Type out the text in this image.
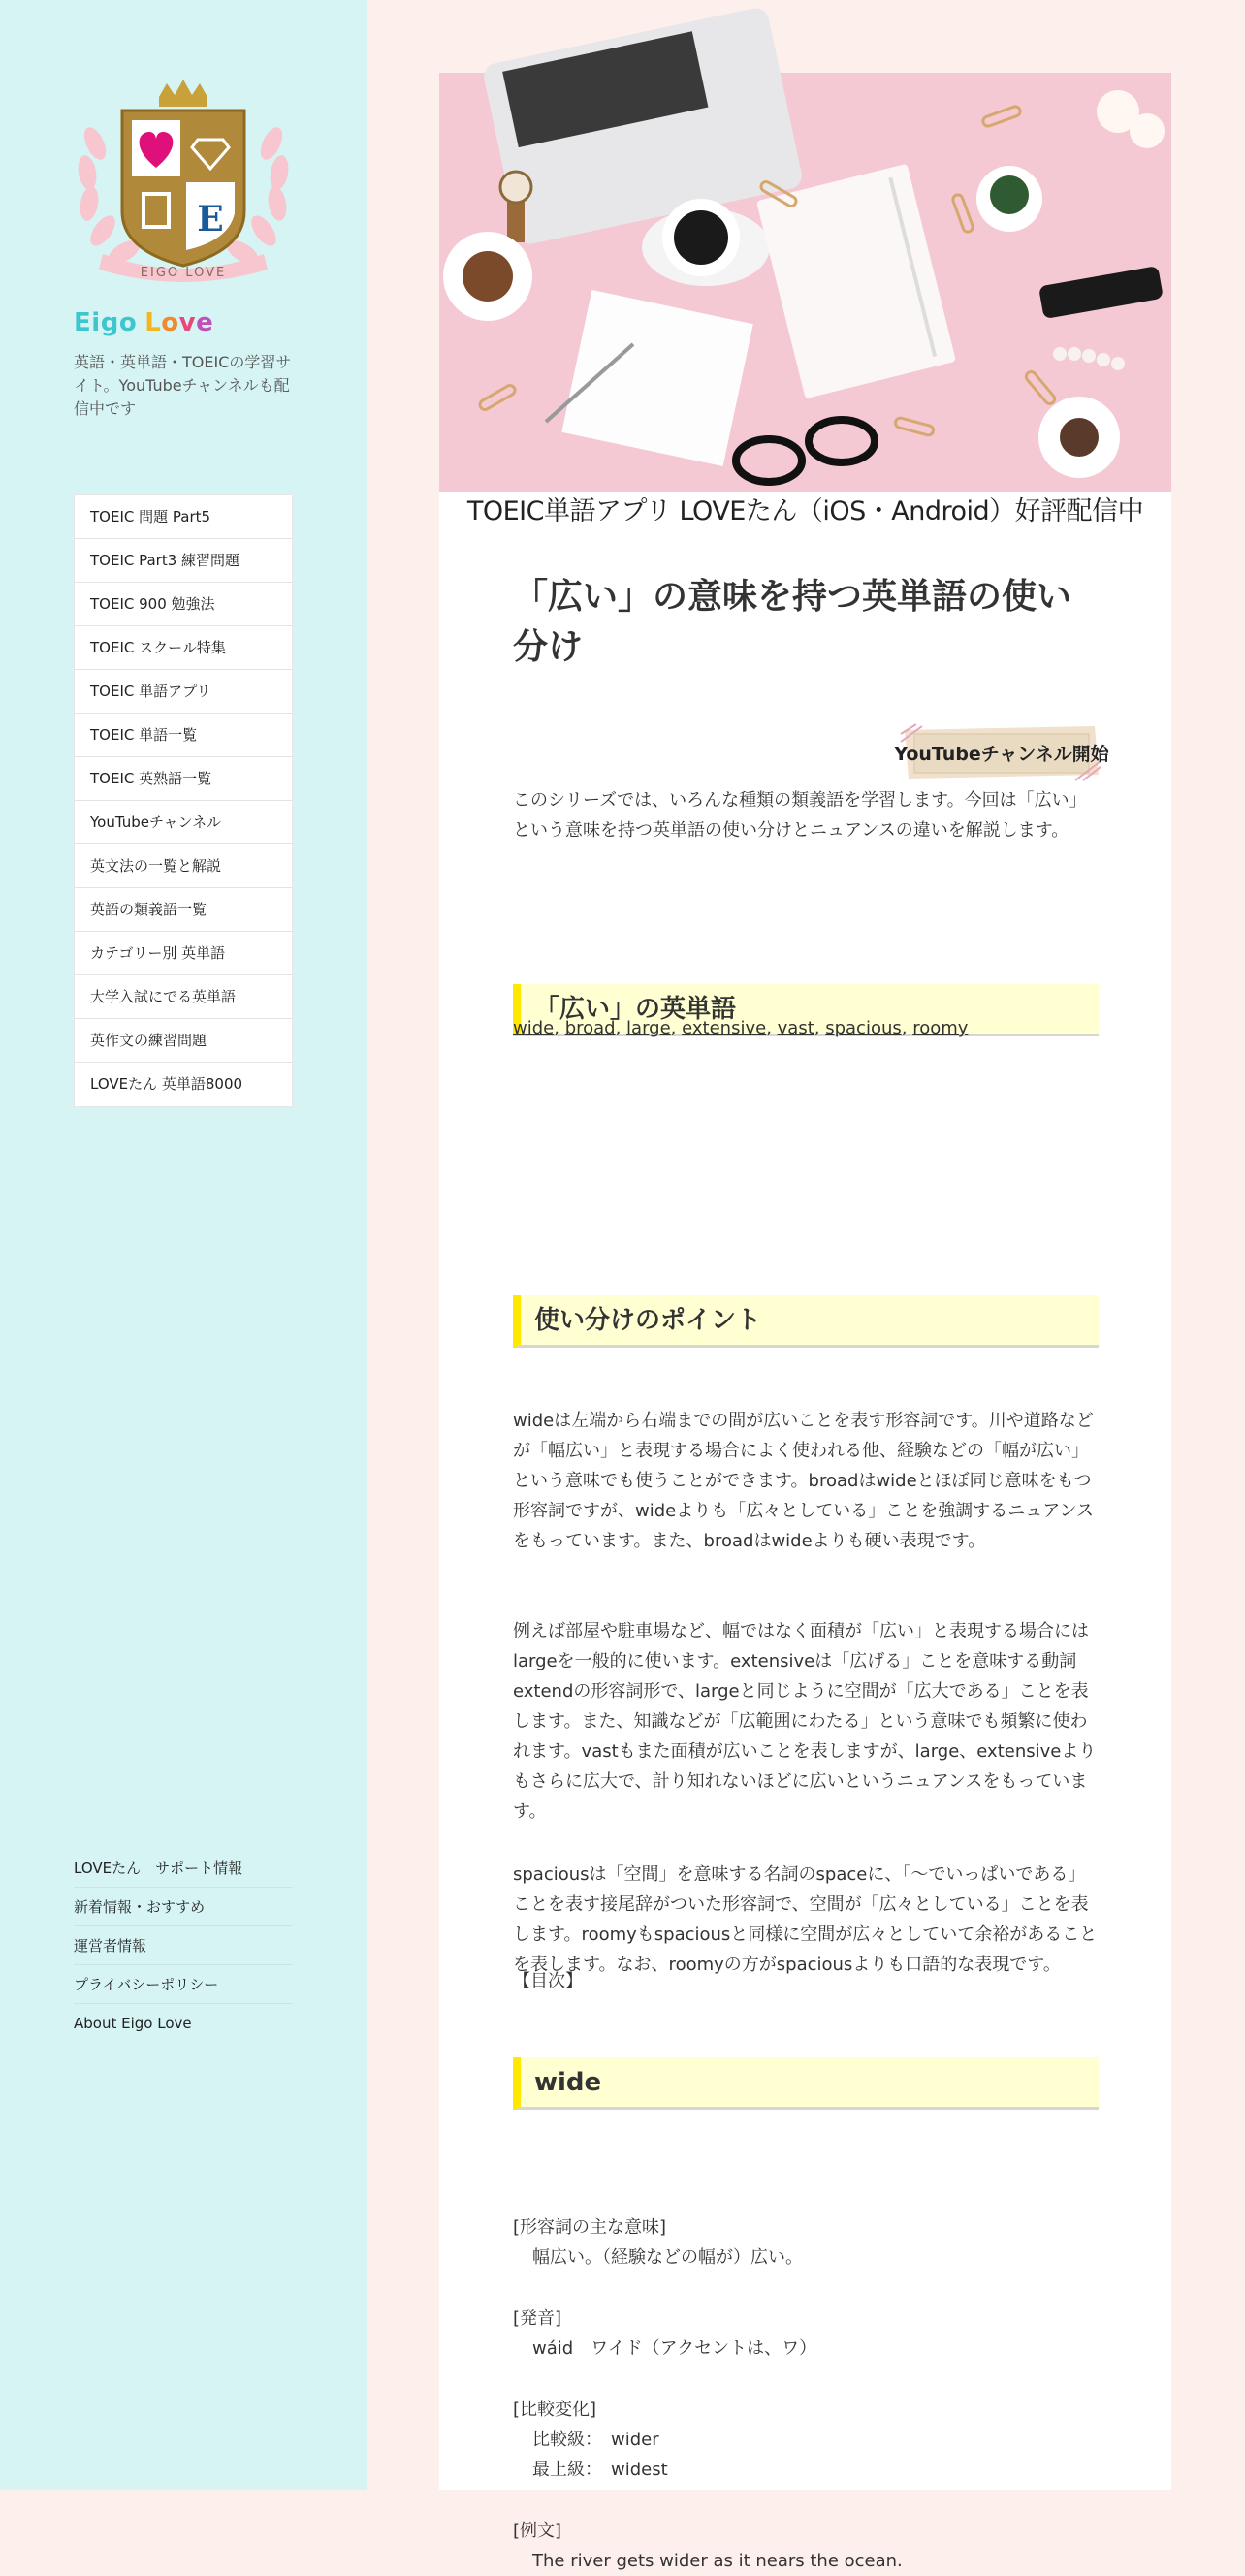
E
EIGO LOVE
Eigo Love

英語・英単語・TOEICの学習サイト。YouTubeチャンネルも配信中です

TOEIC 問題 Part5
TOEIC Part3 練習問題
TOEIC 900 勉強法
TOEIC スクール特集
TOEIC 単語アプリ
TOEIC 単語一覧
TOEIC 英熟語一覧
YouTubeチャンネル
英文法の一覧と解説
英語の類義語一覧
カテゴリー別 英単語
大学入試にでる英単語
英作文の練習問題
LOVEたん 英単語8000
LOVEたん　サポート情報
新着情報・おすすめ
運営者情報
プライバシーポリシー
About Eigo Love
TOEIC単語アプリ LOVEたん（iOS・Android）好評配信中
「広い」の意味を持つ英単語の使い分け
YouTubeチャンネル開始

このシリーズでは、いろんな種類の類義語を学習します。今回は「広い」という意味を持つ英単語の使い分けとニュアンスの違いを解説します。

「広い」の英単語
wide, broad, large, extensive, vast, spacious, roomy
使い分けのポイント

wideは左端から右端までの間が広いことを表す形容詞です。川や道路などが「幅広い」と表現する場合によく使われる他、経験などの「幅が広い」という意味でも使うことができます。broadはwideとほぼ同じ意味をもつ形容詞ですが、wideよりも「広々としている」ことを強調するニュアンスをもっています。また、broadはwideよりも硬い表現です。

例えば部屋や駐車場など、幅ではなく面積が「広い」と表現する場合にはlargeを一般的に使います。extensiveは「広げる」ことを意味する動詞extendの形容詞形で、largeと同じように空間が「広大である」ことを表します。また、知識などが「広範囲にわたる」という意味でも頻繁に使われます。vastもまた面積が広いことを表しますが、large、extensiveよりもさらに広大で、計り知れないほどに広いというニュアンスをもっています。

spaciousは「空間」を意味する名詞のspaceに、「～でいっぱいである」ことを表す接尾辞がついた形容詞で、空間が「広々としている」ことを表します。roomyもspaciousと同様に空間が広々としていて余裕があることを表します。なお、roomyの方がspaciousよりも口語的な表現です。

【目次】
wide
[形容詞の主な意味]
幅広い。（経験などの幅が）広い。
[発音]
wáid　ワイド（アクセントは、ワ）
[比較変化]
比較級：　wider
最上級：　widest
[例文]
The river gets wider as it nears the ocean.
